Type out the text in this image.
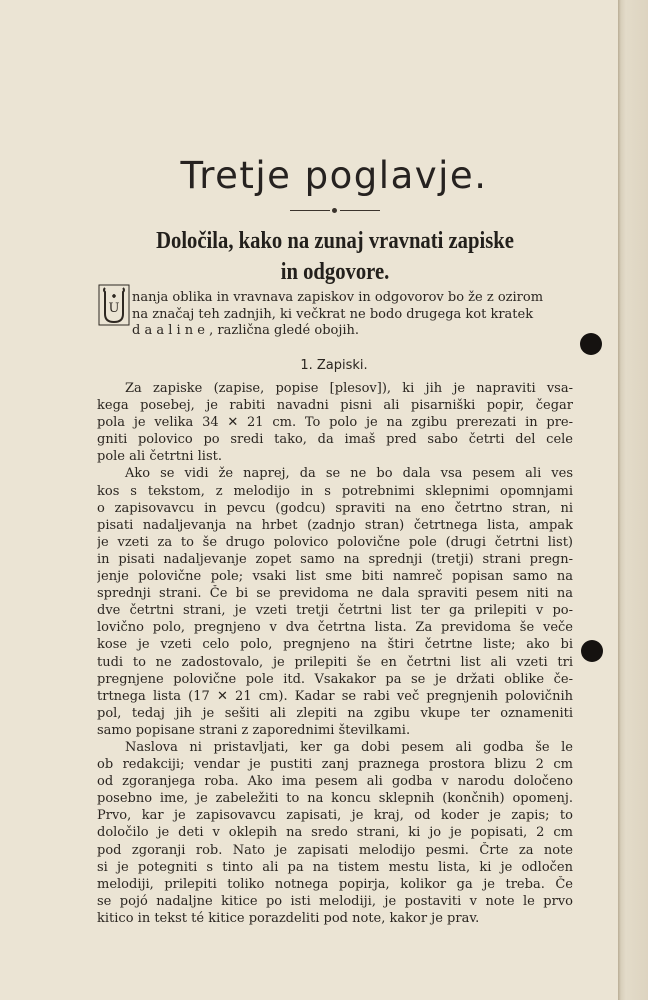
Tretje poglavje.
Določila, kako na zunaj vravnati zapiske
in odgovore.
U
nanja oblika in vravnava zapiskov in odgovorov bo že z ozirom
na značaj teh zadnjih, ki večkrat ne bodo drugega kot kratek
d a a l i n e , različna gledé obojih.
1. Zapiski.
Za zapiske (zapise, popise [plesov]), ki jih je napraviti vsa-
kega posebej, je rabiti navadni pisni ali pisarniški popir, čegar
pola je velika 34 ✕ 21 cm. To polo je na zgibu prerezati in pre-
gniti polovico po sredi tako, da imaš pred sabo četrti del cele
pole ali četrtni list.
Ako se vidi že naprej, da se ne bo dala vsa pesem ali ves
kos s tekstom, z melodijo in s potrebnimi sklepnimi opomnjami
o zapisovavcu in pevcu (godcu) spraviti na eno četrtno stran, ni
pisati nadaljevanja na hrbet (zadnjo stran) četrtnega lista, ampak
je vzeti za to še drugo polovico polovične pole (drugi četrtni list)
in pisati nadaljevanje zopet samo na sprednji (tretji) strani pregn-
jenje polovične pole; vsaki list sme biti namreč popisan samo na
sprednji strani. Če bi se previdoma ne dala spraviti pesem niti na
dve četrtni strani, je vzeti tretji četrtni list ter ga prilepiti v po-
lovično polo, pregnjeno v dva četrtna lista. Za previdoma še veče
kose je vzeti celo polo, pregnjeno na štiri četrtne liste; ako bi
tudi to ne zadostovalo, je prilepiti še en četrtni list ali vzeti tri
pregnjene polovične pole itd. Vsakakor pa se je držati oblike če-
trtnega lista (17 ✕ 21 cm). Kadar se rabi več pregnjenih polovičnih
pol, tedaj jih je sešiti ali zlepiti na zgibu vkupe ter oznameniti
samo popisane strani z zaporednimi številkami.
Naslova ni pristavljati, ker ga dobi pesem ali godba še le
ob redakciji; vendar je pustiti zanj praznega prostora blizu 2 cm
od zgoranjega roba. Ako ima pesem ali godba v narodu določeno
posebno ime, je zabeležiti to na koncu sklepnih (končnih) opomenj.
Prvo, kar je zapisovavcu zapisati, je kraj, od koder je zapis; to
določilo je deti v oklepih na sredo strani, ki jo je popisati, 2 cm
pod zgoranji rob. Nato je zapisati melodijo pesmi. Črte za note
si je potegniti s tinto ali pa na tistem mestu lista, ki je odločen
melodiji, prilepiti toliko notnega popirja, kolikor ga je treba. Če
se pojó nadaljne kitice po isti melodiji, je postaviti v note le prvo
kitico in tekst té kitice porazdeliti pod note, kakor je prav.
